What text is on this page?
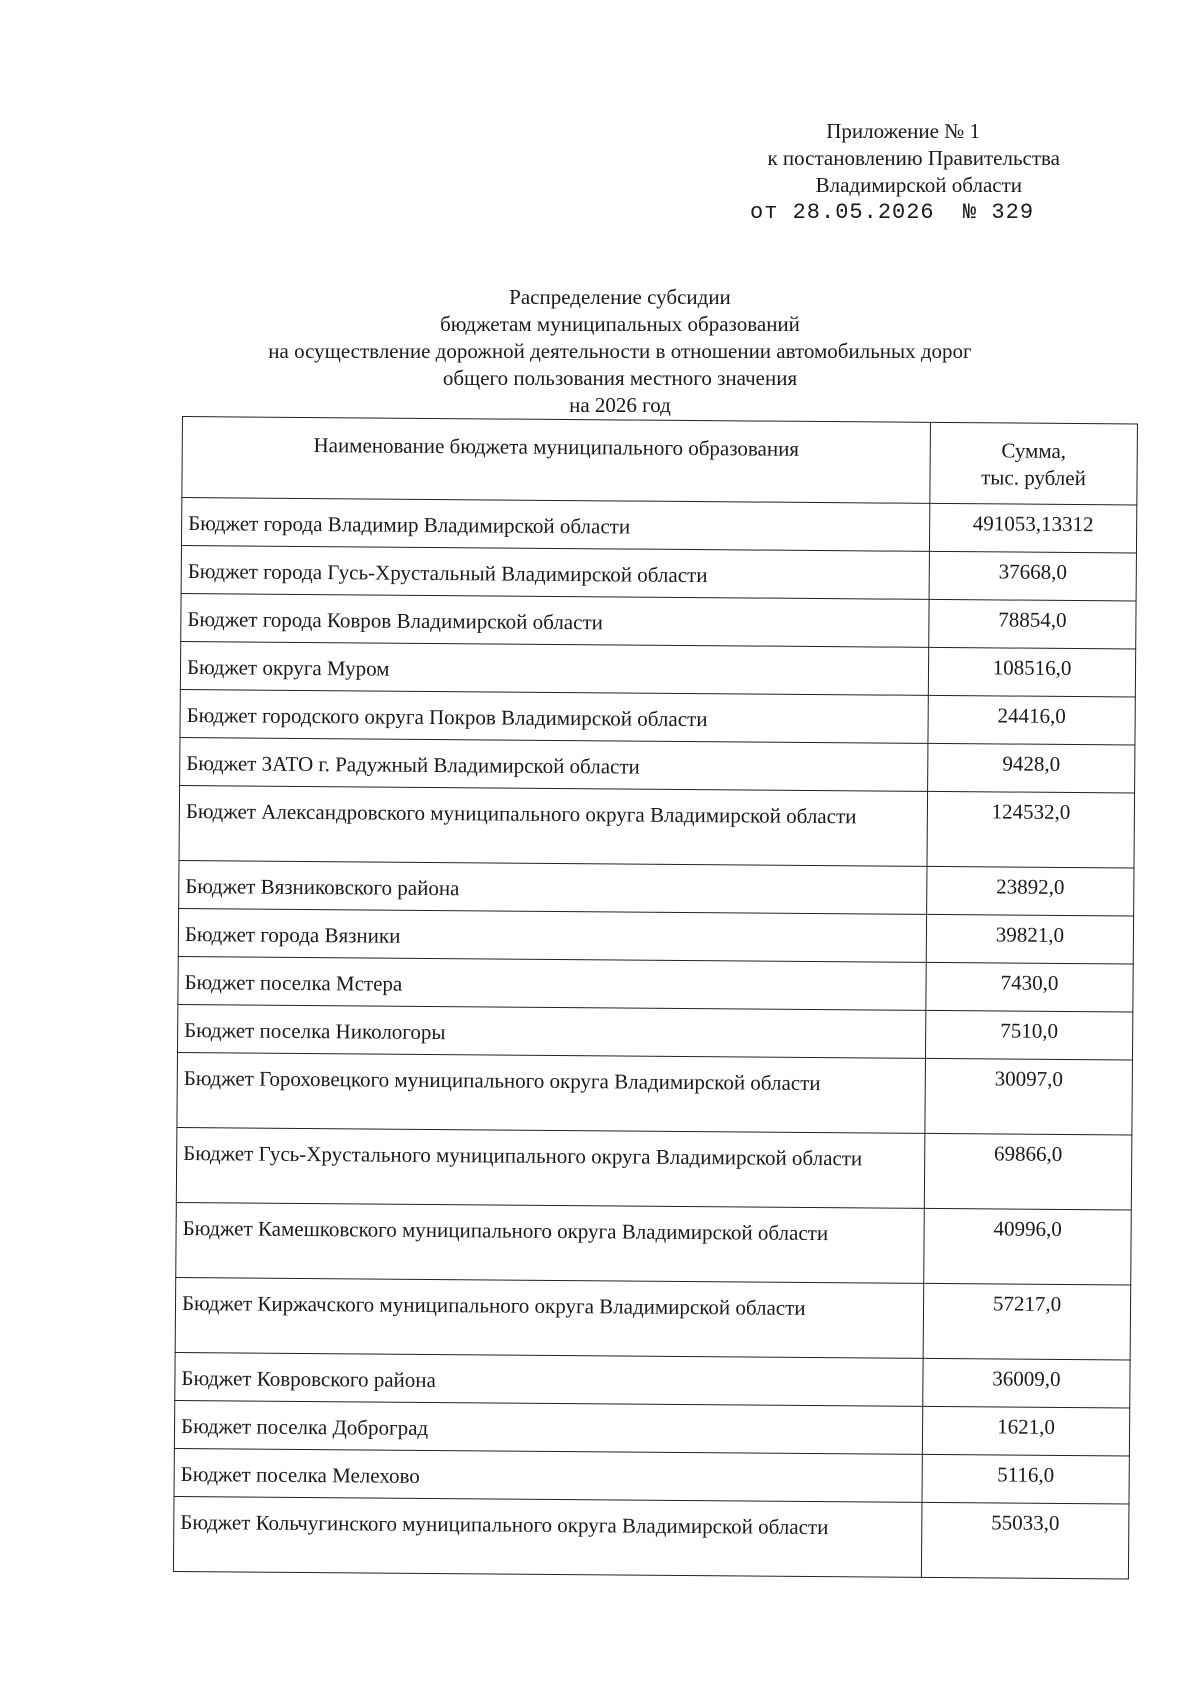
Приложение № 1
к постановлению Правительства
Владимирской области
от 28.05.2026  № 329
Распределение субсидии
бюджетам муниципальных образований
на осуществление дорожной деятельности в отношении автомобильных дорог
общего пользования местного значения
на 2026 год
Наименование бюджета муниципального образования	Сумма,
тыс. рублей

Бюджет города Владимир Владимирской области	491053,13312
Бюджет города Гусь-Хрустальный Владимирской области	37668,0
Бюджет города Ковров Владимирской области	78854,0
Бюджет округа Муром	108516,0
Бюджет городского округа Покров Владимирской области	24416,0
Бюджет ЗАТО г. Радужный Владимирской области	9428,0
Бюджет Александровского муниципального округа Владимирской области	124532,0
Бюджет Вязниковского района	23892,0
Бюджет города Вязники	39821,0
Бюджет поселка Мстера	7430,0
Бюджет поселка Никологоры	7510,0
Бюджет Гороховецкого муниципального округа Владимирской области	30097,0
Бюджет Гусь-Хрустального муниципального округа Владимирской области	69866,0
Бюджет Камешковского муниципального округа Владимирской области	40996,0
Бюджет Киржачского муниципального округа Владимирской области	57217,0
Бюджет Ковровского района	36009,0
Бюджет поселка Доброград	1621,0
Бюджет поселка Мелехово	5116,0
Бюджет Кольчугинского муниципального округа Владимирской области	55033,0
